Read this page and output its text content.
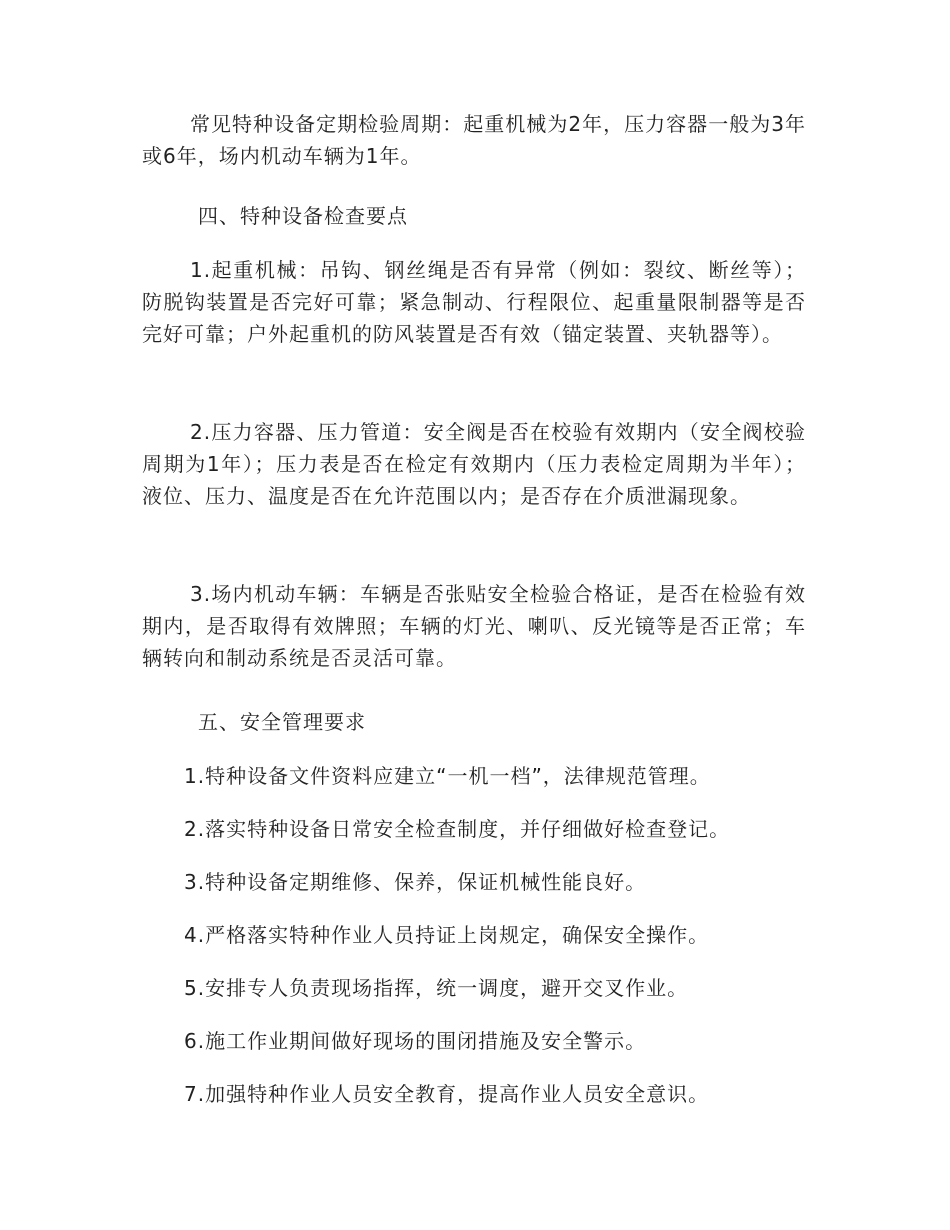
常见特种设备定期检验周期：起重机械为2年，压力容器一般为3年或6年，场内机动车辆为1年。

四、特种设备检查要点

1.起重机械：吊钩、钢丝绳是否有异常（例如：裂纹、断丝等）；防脱钩装置是否完好可靠；紧急制动、行程限位、起重量限制器等是否完好可靠；户外起重机的防风装置是否有效（锚定装置、夹轨器等）。

2.压力容器、压力管道：安全阀是否在校验有效期内（安全阀校验周期为1年）；压力表是否在检定有效期内（压力表检定周期为半年）；液位、压力、温度是否在允许范围以内；是否存在介质泄漏现象。

3.场内机动车辆：车辆是否张贴安全检验合格证，是否在检验有效期内，是否取得有效牌照；车辆的灯光、喇叭、反光镜等是否正常；车辆转向和制动系统是否灵活可靠。

五、安全管理要求

1.特种设备文件资料应建立“一机一档”，法律规范管理。

2.落实特种设备日常安全检查制度，并仔细做好检查登记。

3.特种设备定期维修、保养，保证机械性能良好。

4.严格落实特种作业人员持证上岗规定，确保安全操作。

5.安排专人负责现场指挥，统一调度，避开交叉作业。

6.施工作业期间做好现场的围闭措施及安全警示。

7.加强特种作业人员安全教育，提高作业人员安全意识。
